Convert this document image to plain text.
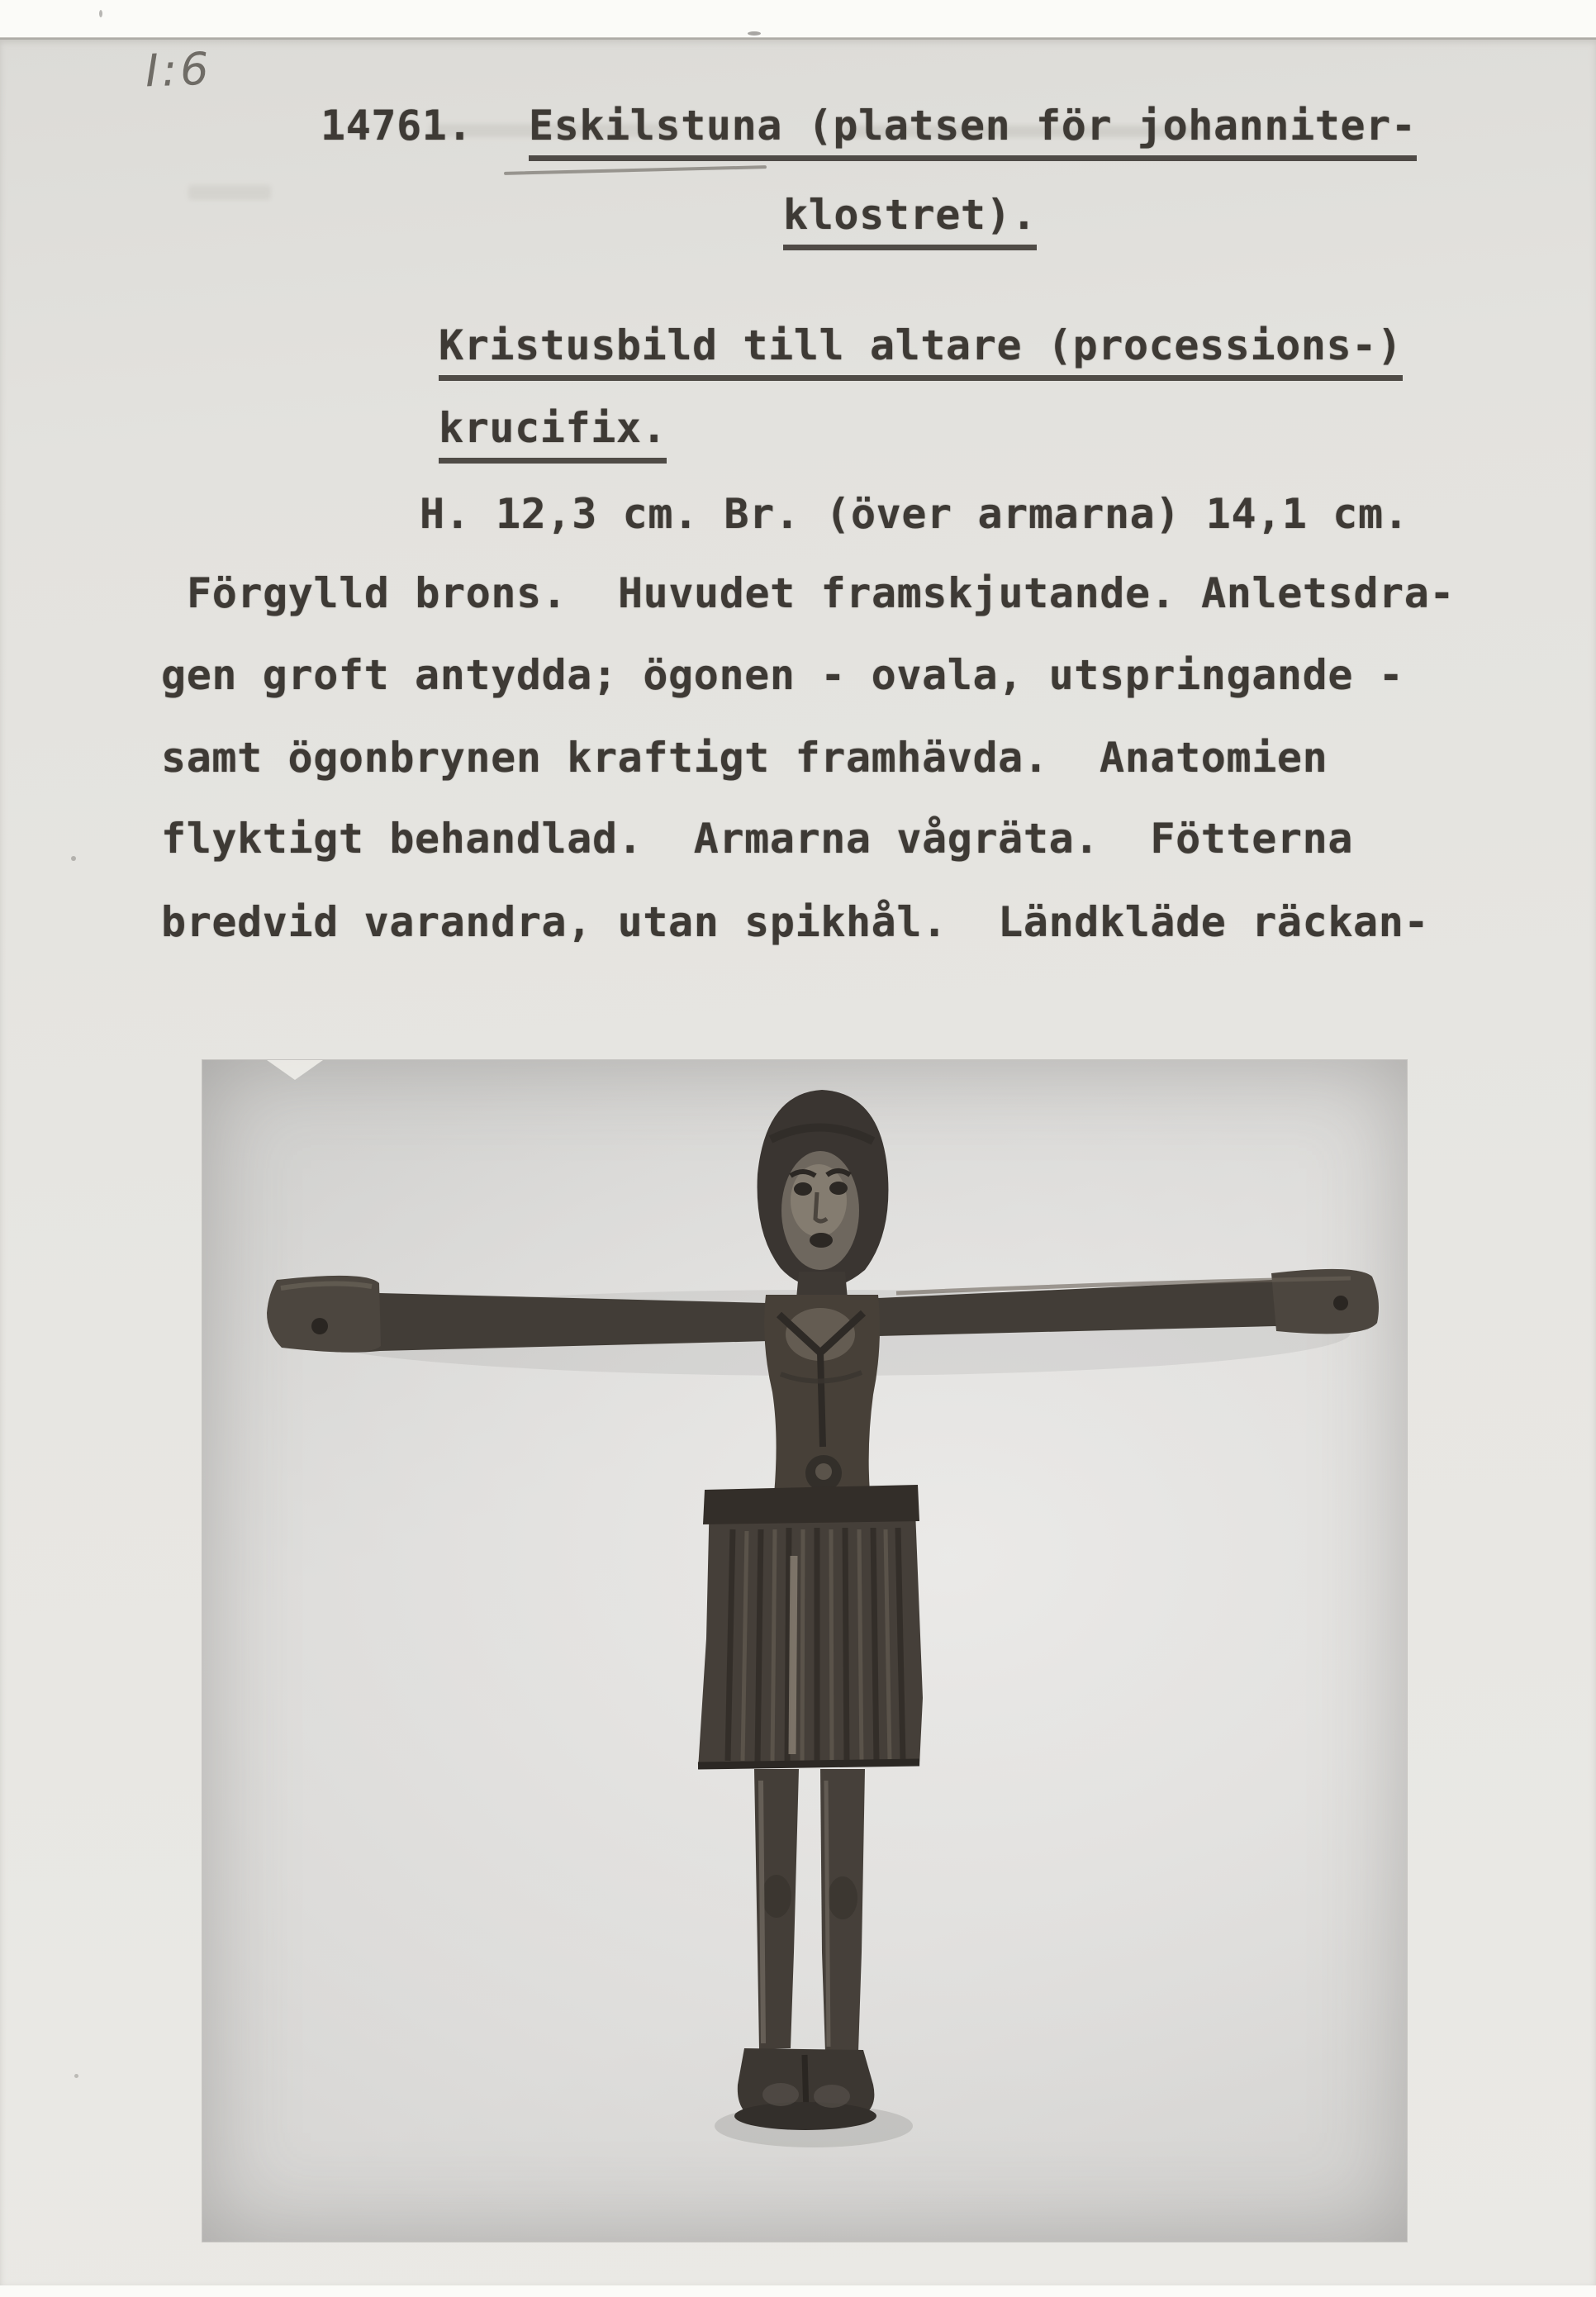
I:6
14761. Eskilstuna (platsen för johanniter-
klostret).
Kristusbild till altare (processions-)
krucifix.
H. 12,3 cm. Br. (över armarna) 14,1 cm.
Förgylld brons.  Huvudet framskjutande. Anletsdra-
gen groft antydda; ögonen - ovala, utspringande -
samt ögonbrynen kraftigt framhävda.  Anatomien
flyktigt behandlad.  Armarna vågräta.  Fötterna
bredvid varandra, utan spikhål.  Ländkläde räckan-
